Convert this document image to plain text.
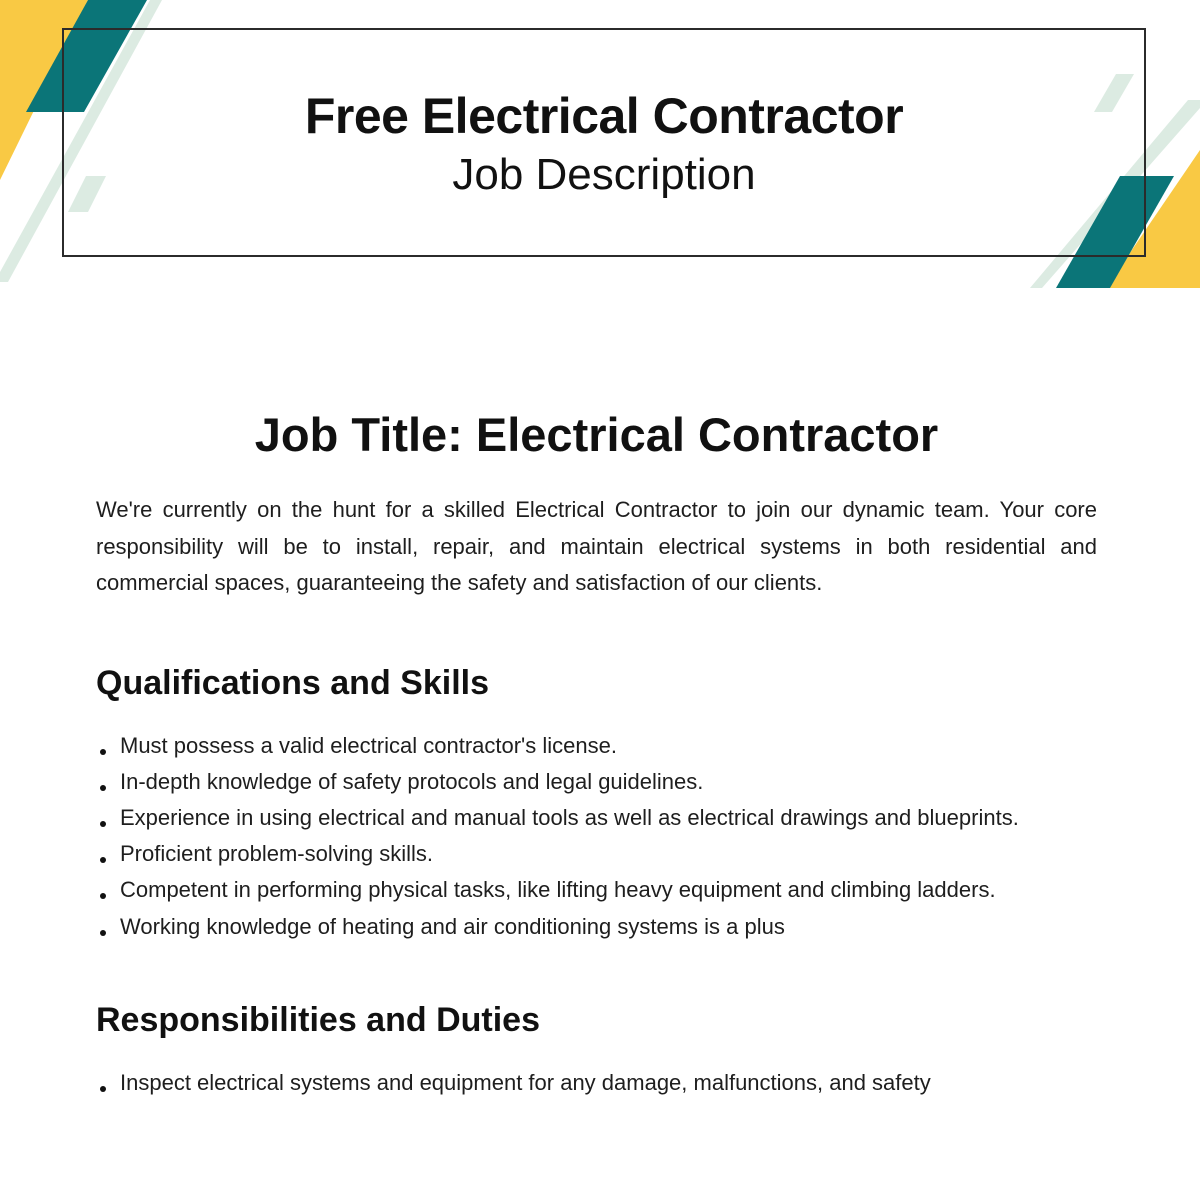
Free Electrical Contractor
Job Description
Job Title: Electrical Contractor

We're currently on the hunt for a skilled Electrical Contractor to join our dynamic team. Your core responsibility will be to install, repair, and maintain electrical systems in both residential and commercial spaces, guaranteeing the safety and satisfaction of our clients.

Qualifications and Skills
Must possess a valid electrical contractor's license.
In-depth knowledge of safety protocols and legal guidelines.
Experience in using electrical and manual tools as well as electrical drawings and blueprints.
Proficient problem-solving skills.
Competent in performing physical tasks, like lifting heavy equipment and climbing ladders.
Working knowledge of heating and air conditioning systems is a plus
Responsibilities and Duties
Inspect electrical systems and equipment for any damage, malfunctions, and safety
